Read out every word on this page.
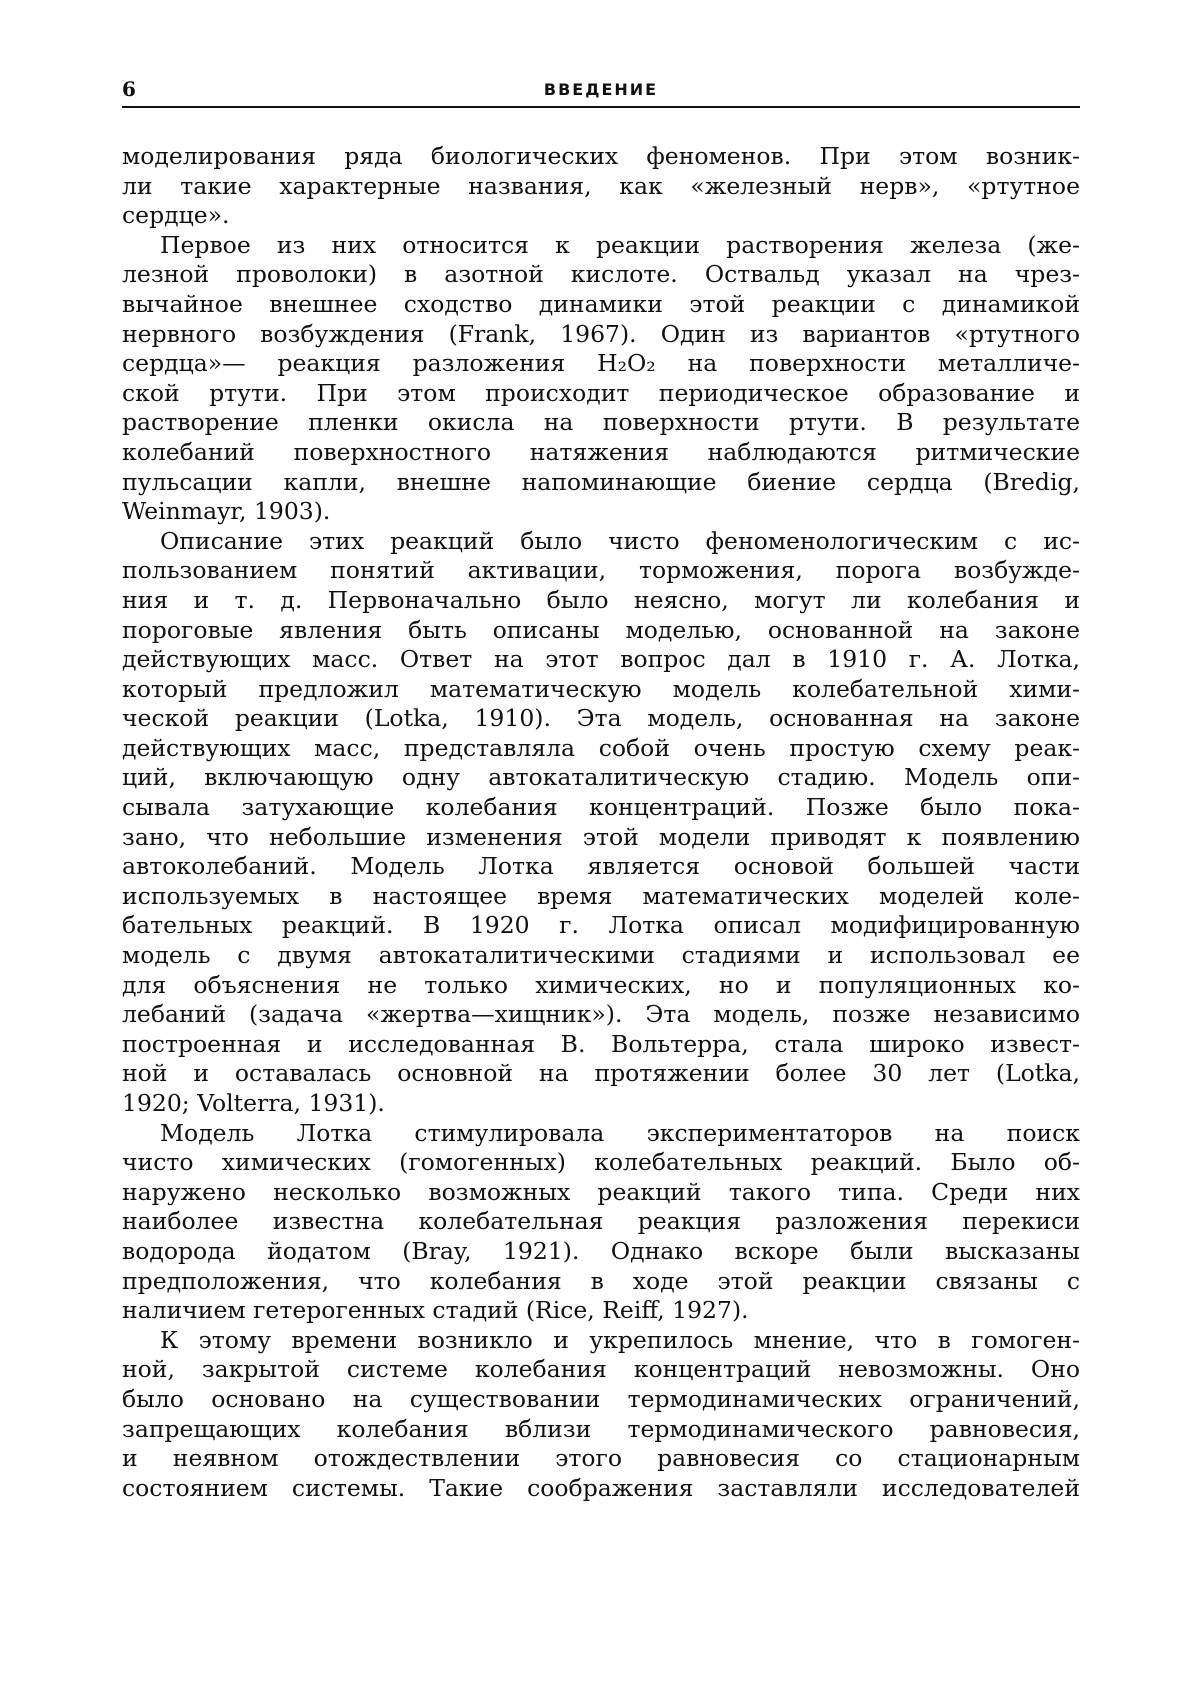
6	ВВЕДЕНИЕ
моделирования ряда биологических феноменов. При этом возник-
ли такие характерные названия, как «железный нерв», «ртутное
сердце».
Первое из них относится к реакции растворения железа (же-
лезной проволоки) в азотной кислоте. Оствальд указал на чрез-
вычайное внешнее сходство динамики этой реакции с динамикой
нервного возбуждения (Frank, 1967). Один из вариантов «ртутного
сердца»— реакция разложения H₂O₂ на поверхности металличе-
ской ртути. При этом происходит периодическое образование и
растворение пленки окисла на поверхности ртути. В результате
колебаний поверхностного натяжения наблюдаются ритмические
пульсации капли, внешне напоминающие биение сердца (Bredig,
Weinmayr, 1903).
Описание этих реакций было чисто феноменологическим с ис-
пользованием понятий активации, торможения, порога возбужде-
ния и т. д. Первоначально было неясно, могут ли колебания и
пороговые явления быть описаны моделью, основанной на законе
действующих масс. Ответ на этот вопрос дал в 1910 г. А. Лотка,
который предложил математическую модель колебательной хими-
ческой реакции (Lotka, 1910). Эта модель, основанная на законе
действующих масс, представляла собой очень простую схему реак-
ций, включающую одну автокаталитическую стадию. Модель опи-
сывала затухающие колебания концентраций. Позже было пока-
зано, что небольшие изменения этой модели приводят к появлению
автоколебаний. Модель Лотка является основой большей части
используемых в настоящее время математических моделей коле-
бательных реакций. В 1920 г. Лотка описал модифицированную
модель с двумя автокаталитическими стадиями и использовал ее
для объяснения не только химических, но и популяционных ко-
лебаний (задача «жертва—хищник»). Эта модель, позже независимо
построенная и исследованная В. Вольтерра, стала широко извест-
ной и оставалась основной на протяжении более 30 лет (Lotka,
1920; Volterra, 1931).
Модель Лотка стимулировала экспериментаторов на поиск
чисто химических (гомогенных) колебательных реакций. Было об-
наружено несколько возможных реакций такого типа. Среди них
наиболее известна колебательная реакция разложения перекиси
водорода йодатом (Bray, 1921). Однако вскоре были высказаны
предположения, что колебания в ходе этой реакции связаны с
наличием гетерогенных стадий (Rice, Reiff, 1927).
К этому времени возникло и укрепилось мнение, что в гомоген-
ной, закрытой системе колебания концентраций невозможны. Оно
было основано на существовании термодинамических ограничений,
запрещающих колебания вблизи термодинамического равновесия,
и неявном отождествлении этого равновесия со стационарным
состоянием системы. Такие соображения заставляли исследователей
